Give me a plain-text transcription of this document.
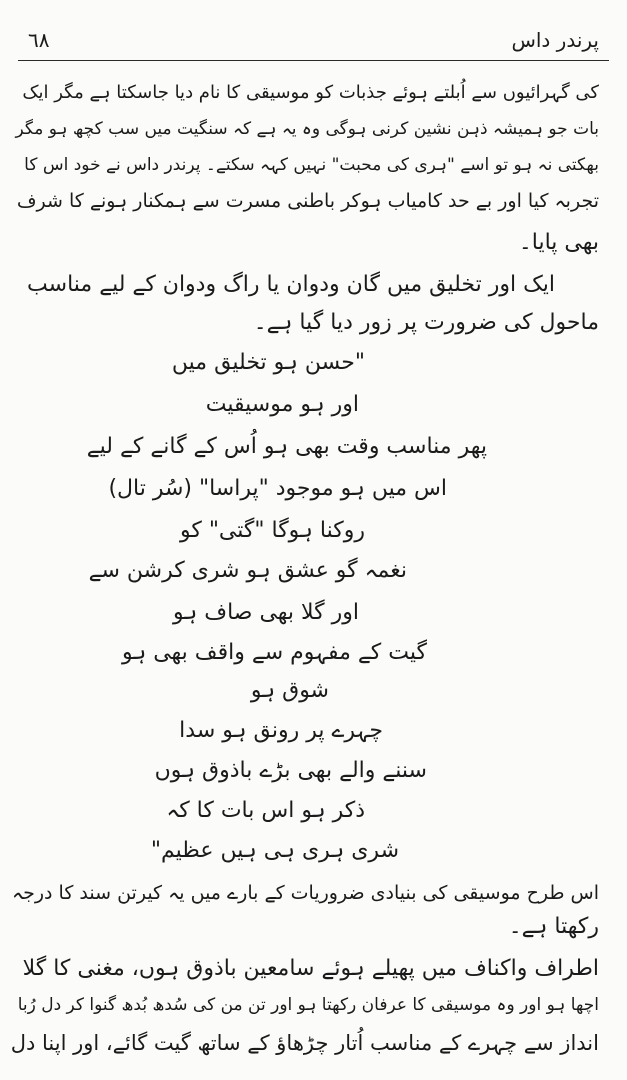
٦٨	پرندر داس
کی گہرائیوں سے اُبلتے ہوئے جذبات کو موسیقی کا نام دیا جاسکتا ہے مگر ایک
بات جو ہمیشہ ذہن نشین کرنی ہوگی وہ یہ ہے کہ سنگیت میں سب کچھ ہو مگر
بھکتی نہ ہو تو اسے "ہری کی محبت" نہیں کہہ سکتے۔ پرندر داس نے خود اس کا
تجربہ کیا اور بے حد کامیاب ہوکر باطنی مسرت سے ہمکنار ہونے کا شرف
بھی پایا۔
ایک اور تخلیق میں گان ودوان یا راگ ودوان کے لیے مناسب
ماحول کی ضرورت پر زور دیا گیا ہے۔
"حسن ہو تخلیق میں
اور ہو موسیقیت
پھر مناسب وقت بھی ہو اُس کے گانے کے لیے
اس میں ہو موجود "پراسا" (سُر تال)
روکنا ہوگا "گتی" کو
نغمہ گو عشق ہو شری کرشن سے
اور گلا بھی صاف ہو
گیت کے مفہوم سے واقف بھی ہو
شوق ہو
چہرے پر رونق ہو سدا
سننے والے بھی بڑے باذوق ہوں
ذکر ہو اس بات کا کہ
شری ہری ہی ہیں عظیم"
اس طرح موسیقی کی بنیادی ضروریات کے بارے میں یہ کیرتن سند کا درجہ
رکھتا ہے۔
اطراف واکناف میں پھیلے ہوئے سامعین باذوق ہوں، مغنی کا گلا
اچھا ہو اور وہ موسیقی کا عرفان رکھتا ہو اور تن من کی سُدھ بُدھ گنوا کر دل رُبا
انداز سے چہرے کے مناسب اُتار چڑھاؤ کے ساتھ گیت گائے، اور اپنا دل
